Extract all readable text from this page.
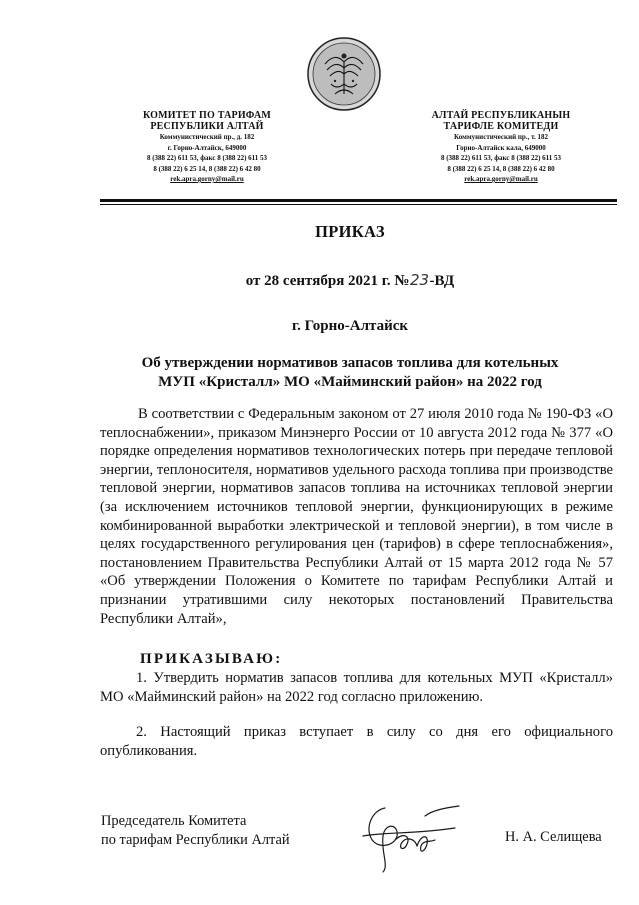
КОМИТЕТ ПО ТАРИФАМ
РЕСПУБЛИКИ АЛТАЙ
Коммунистический пр., д. 182
г. Горно-Алтайск, 649000
8 (388 22) 611 53, факс 8 (388 22) 611 53
8 (388 22) 6 25 14, 8 (388 22) 6 42 80
rek.apra.gorny@mail.ru
АЛТАЙ РЕСПУБЛИКАНЫН
ТАРИФЛЕ КОМИТЕДИ
Коммунистический пр., т. 182
Горно-Алтайск кала, 649000
8 (388 22) 611 53, факс 8 (388 22) 611 53
8 (388 22) 6 25 14, 8 (388 22) 6 42 80
rek.apra.gorny@mail.ru
ПРИКАЗ
от 28 сентября 2021 г. №23-ВД
г. Горно-Алтайск
Об утверждении нормативов запасов топлива для котельных
МУП «Кристалл» МО «Майминский район» на 2022 год
В соответствии с Федеральным законом от 27 июля 2010 года № 190-ФЗ «О теплоснабжении», приказом Минэнерго России от 10 августа 2012 года № 377 «О порядке определения нормативов технологических потерь при передаче тепловой энергии, теплоносителя, нормативов удельного расхода топлива при производстве тепловой энергии, нормативов запасов топлива на источниках тепловой энергии (за исключением источников тепловой энергии, функционирующих в режиме комбинированной выработки электрической и тепловой энергии), в том числе в целях государственного регулирования цен (тарифов) в сфере теплоснабжения», постановлением Правительства Республики Алтай от 15 марта 2012 года № 57 «Об утверждении Положения о Комитете по тарифам Республики Алтай и признании утратившими силу некоторых постановлений Правительства Республики Алтай»,
ПРИКАЗЫВАЮ:
1. Утвердить норматив запасов топлива для котельных МУП «Кристалл» МО «Майминский район» на 2022 год согласно приложению.
2. Настоящий приказ вступает в силу со дня его официального опубликования.
Председатель Комитета
по тарифам Республики Алтай	Н. А. Селищева
